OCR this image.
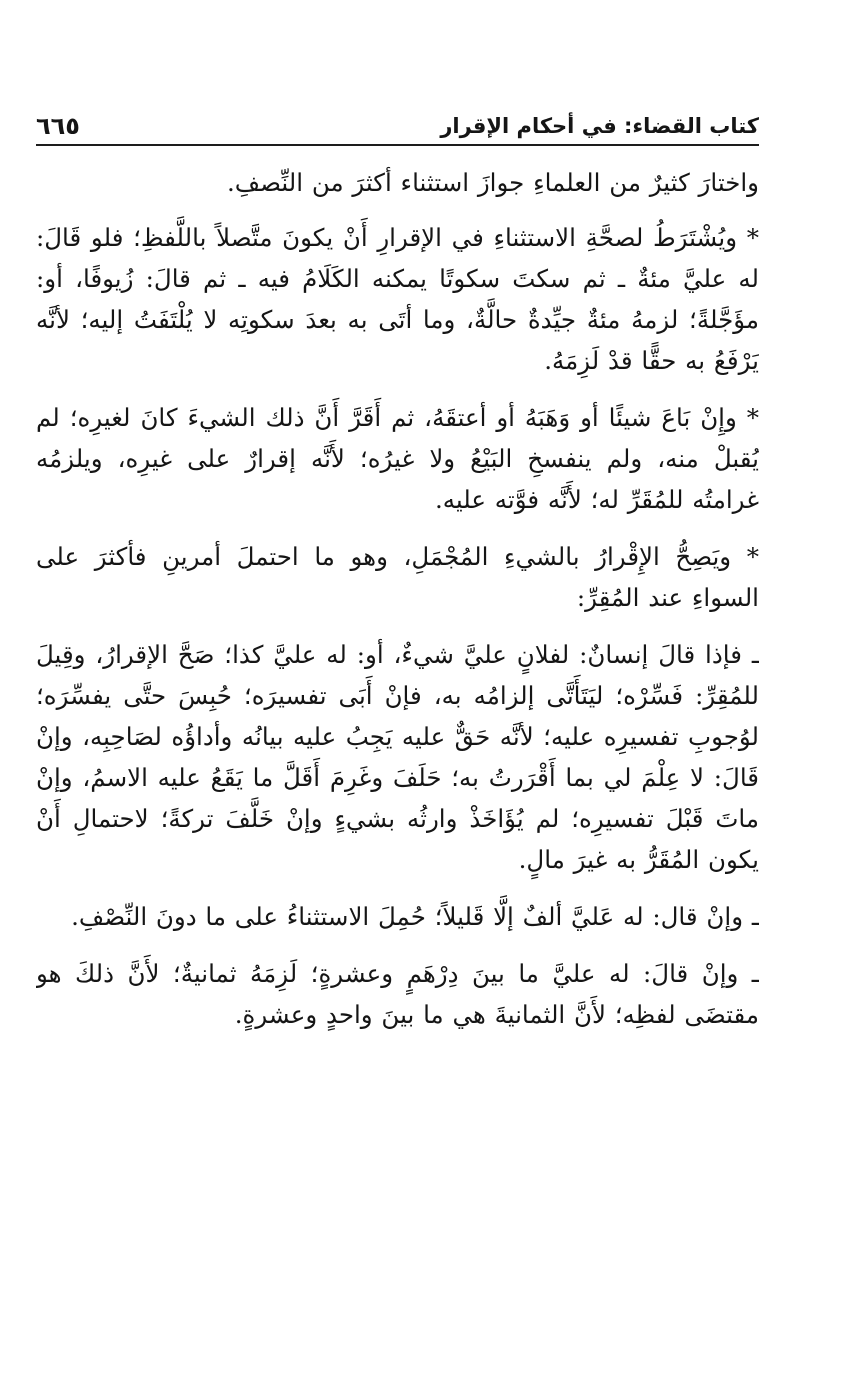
كتاب القضاء: في أحكام الإقرار
٦٦٥

واختارَ كثيرٌ من العلماءِ جوازَ استثناء أكثرَ من النِّصفِ.

* ويُشْتَرَطُ لصحَّةِ الاستثناءِ في الإقرارِ أَنْ يكونَ متَّصلاً باللَّفظِ؛ فلو قَالَ: له عليَّ مئةٌ ـ ثم سكتَ سكوتًا يمكنه الكَلَامُ فيه ـ ثم قالَ: زُيوفًا، أو: مؤَجَّلةً؛ لزمهُ مئةٌ جيِّدةٌ حالَّةٌ، وما أتَى به بعدَ سكوتِه لا يُلْتَفَتُ إليه؛ لأنَّه يَرْفَعُ به حقًّا قدْ لَزِمَهُ.

* وإِنْ بَاعَ شيئًا أو وَهَبَهُ أو أعتقَهُ، ثم أَقَرَّ أَنَّ ذلك الشيءَ كانَ لغيرِه؛ لم يُقبلْ منه، ولم ينفسخِ البَيْعُ ولا غيرُه؛ لأَنَّه إقرارٌ على غيرِه، ويلزمُه غرامتُه للمُقَرِّ له؛ لأَنَّه فوَّته عليه.

* ويَصِحُّ الإِقْرارُ بالشيءِ المُجْمَلِ، وهو ما احتملَ أمرينِ فأكثرَ على السواءِ عند المُقِرِّ:

ـ فإذا قالَ إنسانٌ: لفلانٍ عليَّ شيءٌ، أو: له عليَّ كذا؛ صَحَّ الإقرارُ، وقِيلَ للمُقِرِّ: فَسِّرْه؛ ليَتَأَتَّى إلزامُه به، فإنْ أَبَى تفسيرَه؛ حُبِسَ حتَّى يفسِّرَه؛ لوُجوبِ تفسيرِه عليه؛ لأنَّه حَقٌّ عليه يَجِبُ عليه بيانُه وأداؤُه لصَاحِبِه، وإنْ قَالَ: لا عِلْمَ لي بما أَقْرَرتُ به؛ حَلَفَ وغَرِمَ أَقَلَّ ما يَقَعُ عليه الاسمُ، وإنْ ماتَ قَبْلَ تفسيرِه؛ لم يُؤَاخَذْ وارثُه بشيءٍ وإنْ خَلَّفَ تركةً؛ لاحتمالِ أَنْ يكون المُقَرُّ به غيرَ مالٍ.

ـ وإنْ قال: له عَليَّ ألفٌ إلَّا قَليلاً؛ حُمِلَ الاستثناءُ على ما دونَ النِّصْفِ.

ـ وإنْ قالَ: له عليَّ ما بينَ دِرْهَمٍ وعشرةٍ؛ لَزِمَهُ ثمانيةٌ؛ لأَنَّ ذلكَ هو مقتضَى لفظِه؛ لأَنَّ الثمانيةَ هي ما بينَ واحدٍ وعشرةٍ.
